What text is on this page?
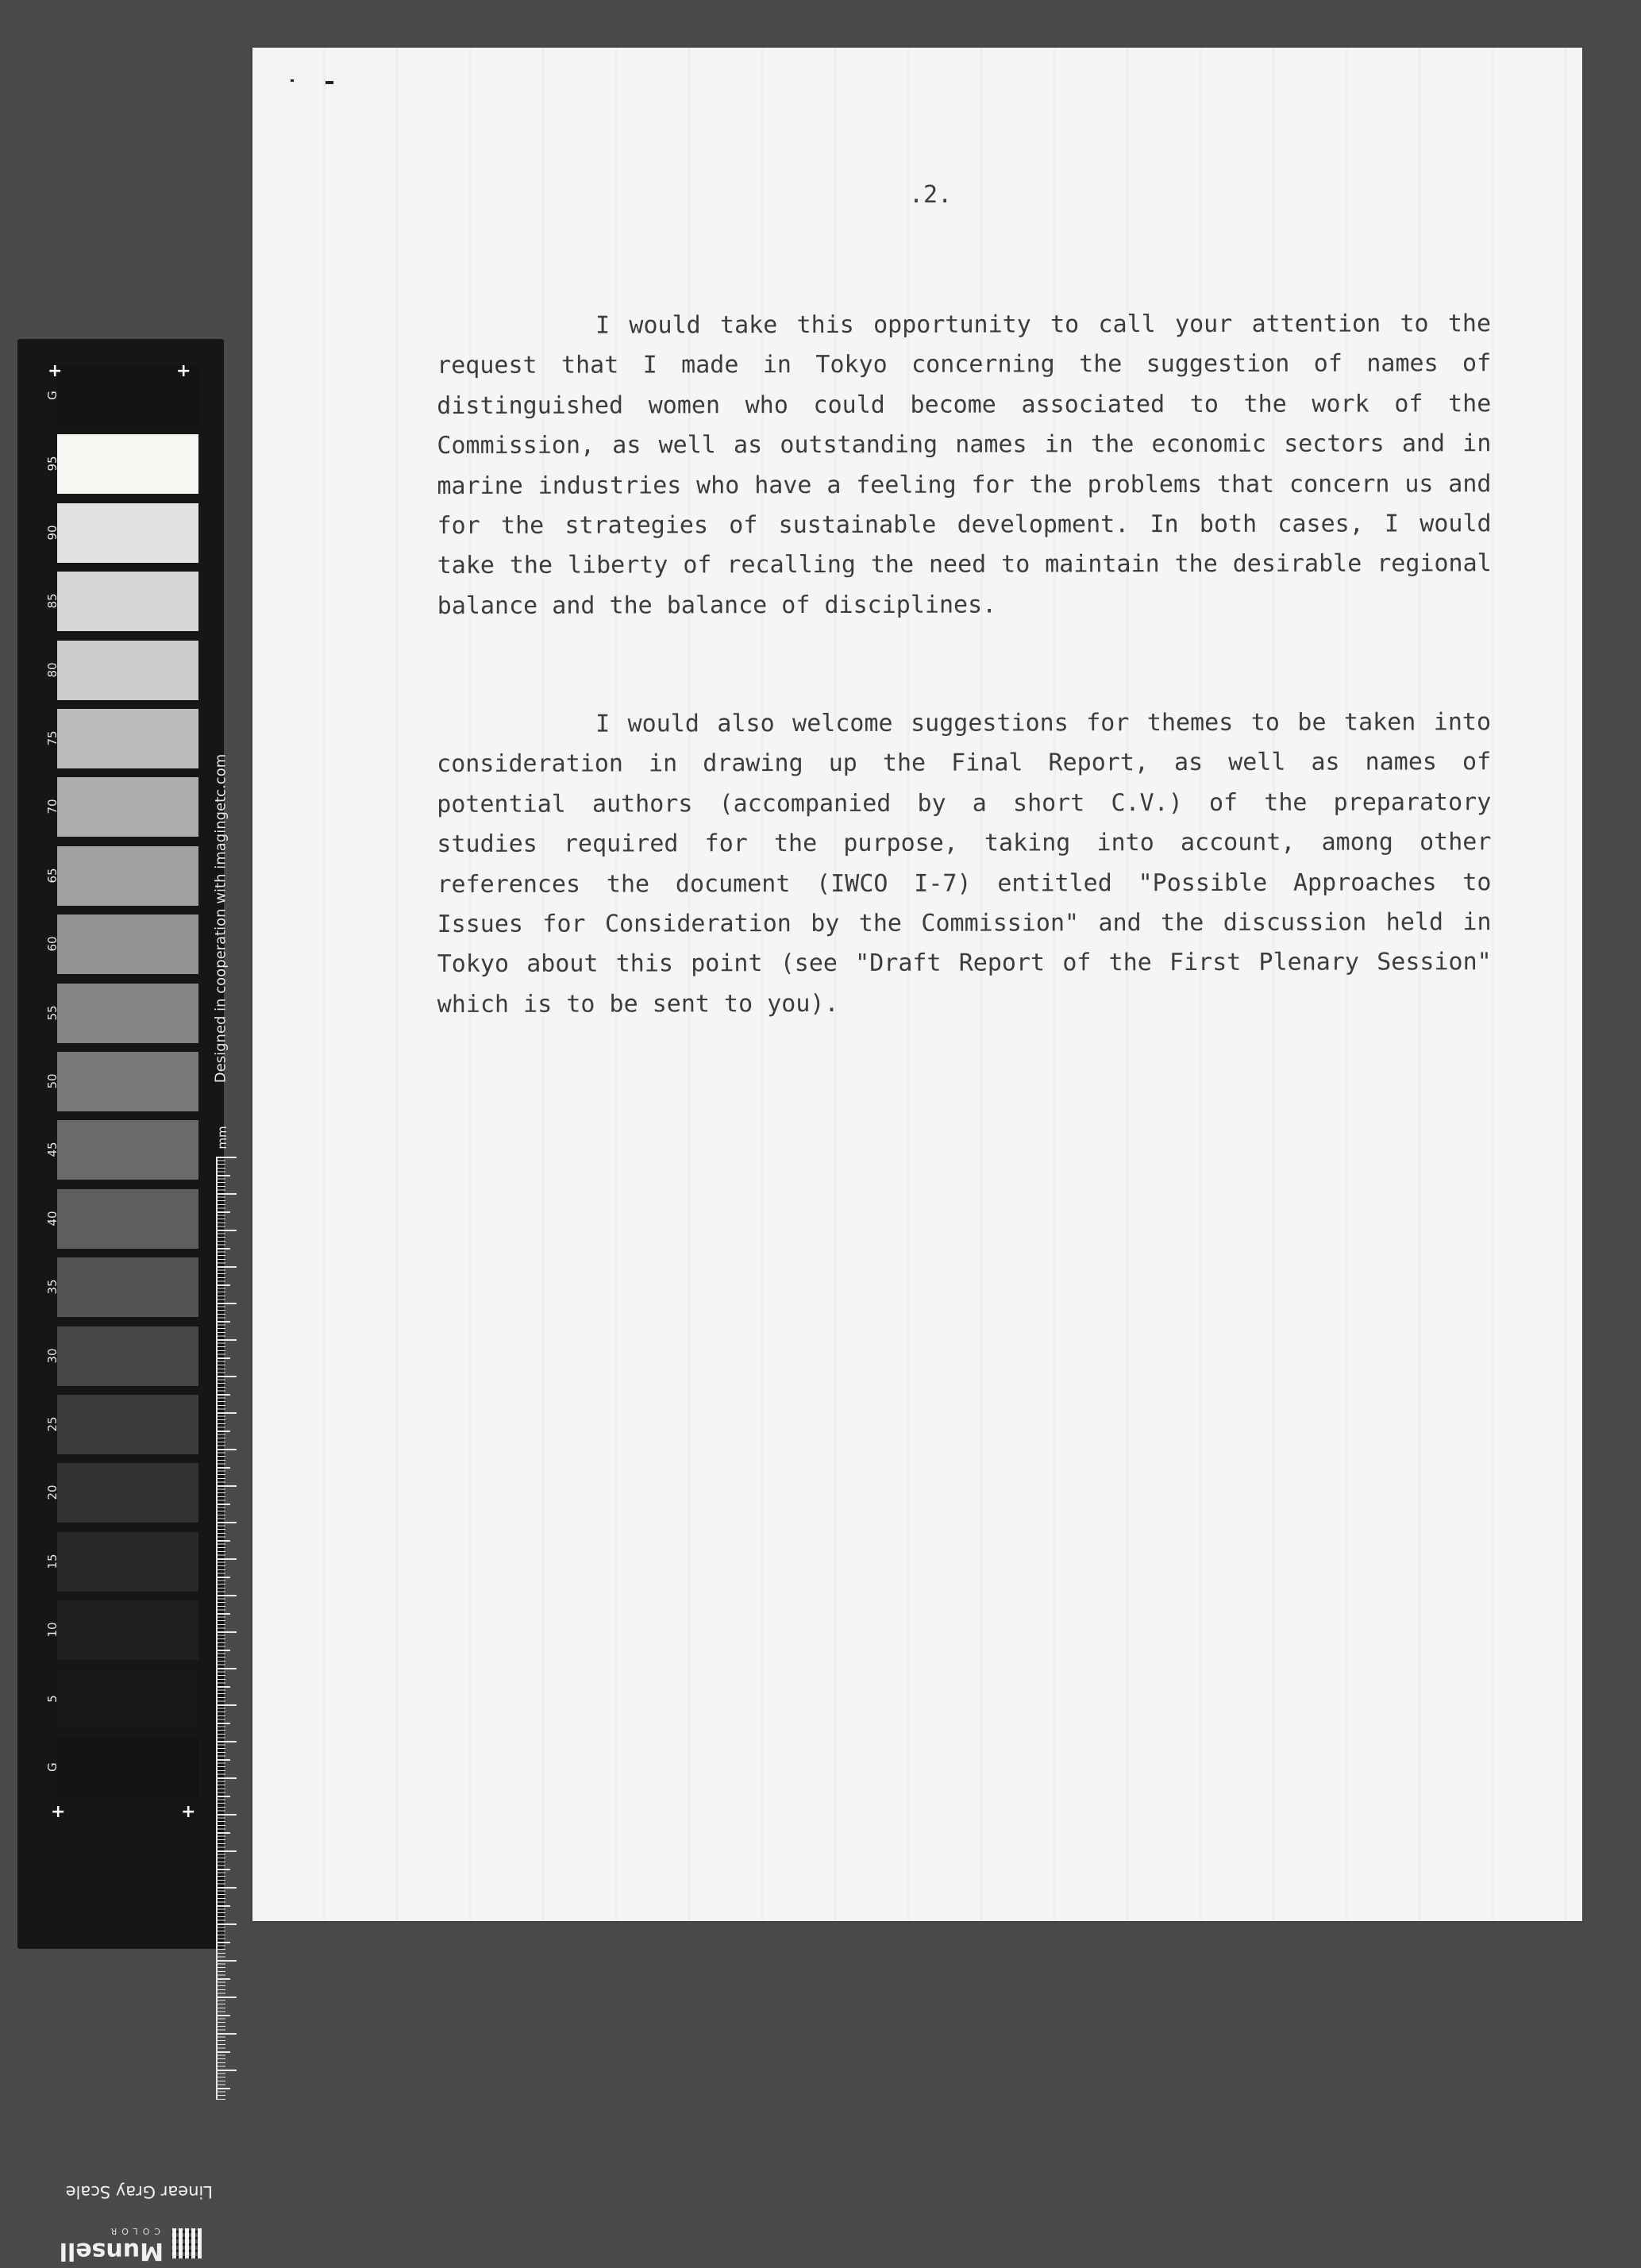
G
95
90
85
80
75
70
65
60
55
50
45
40
35
30
25
20
15
10
5
G
+	+
+	+
Designed in cooperation with imagingetc.com
mm
Linear Gray Scale
Munsell
COLOR
.2.

I would take this opportunity to call your attention to the request that I made in Tokyo concerning the suggestion of names of distinguished women who could become associated to the work of the Commission, as well as outstanding names in the economic sectors and in marine industries who have a feeling for the problems that concern us and for the strategies of sustainable development. In both cases, I would take the liberty of recalling the need to maintain the desirable regional balance and the balance of disciplines.

I would also welcome suggestions for themes to be taken into consideration in drawing up the Final Report, as well as names of potential authors (accompanied by a short C.V.) of the preparatory studies required for the purpose, taking into account, among other references the document (IWCO I-7) entitled "Possible Approaches to Issues for Consideration by the Commission" and the discussion held in Tokyo about this point (see "Draft Report of the First Plenary Session" which is to be sent to you).
